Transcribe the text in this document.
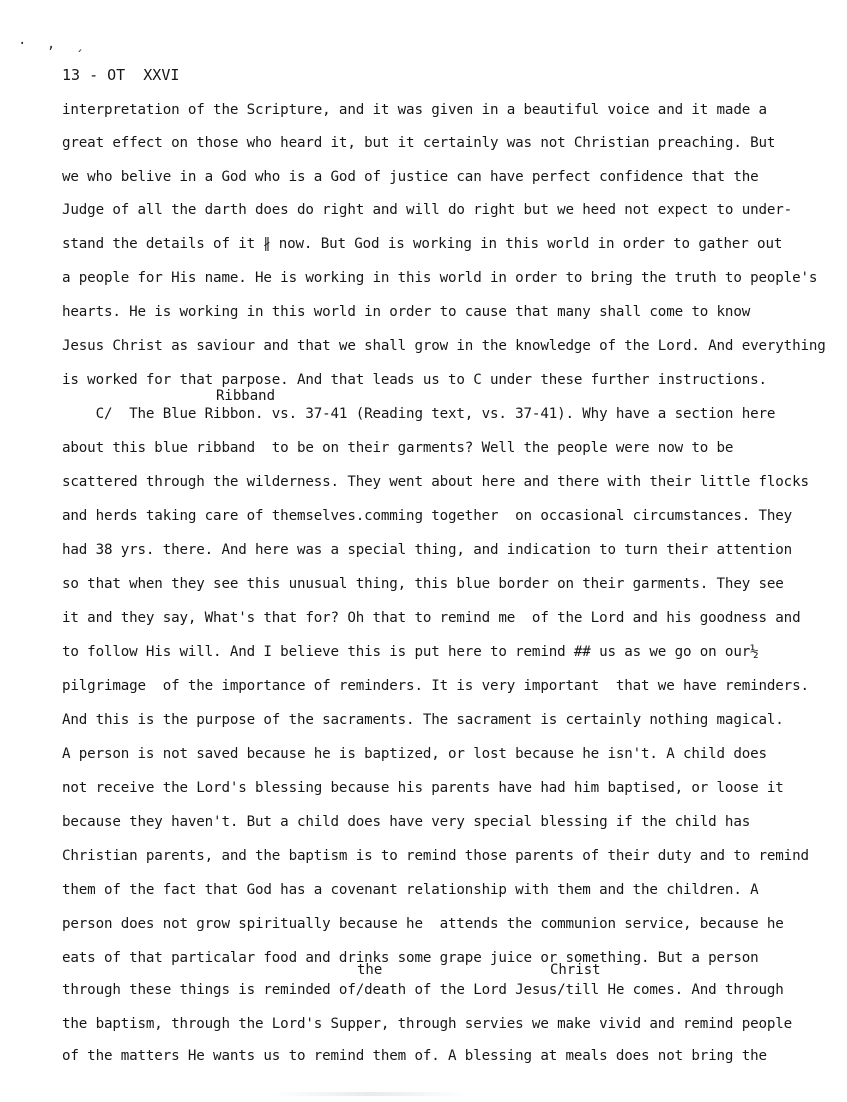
· , ˏ
13 - OT  XXVI
Ribband
the	Christ
interpretation of the Scripture, and it was given in a beautiful voice and it made a
great effect on those who heard it, but it certainly was not Christian preaching. But
we who belive in a God who is a God of justice can have perfect confidence that the
Judge of all the darth does do right and will do right but we heed not expect to under-
stand the details of it ∦ now. But God is working in this world in order to gather out
a people for His name. He is working in this world in order to bring the truth to people's
hearts. He is working in this world in order to cause that many shall come to know
Jesus Christ as saviour and that we shall grow in the knowledge of the Lord. And everything
is worked for that parpose. And that leads us to C under these further instructions.
C/  The Blue Ribbon. vs. 37-41 (Reading text, vs. 37-41). Why have a section here
about this blue ribband  to be on their garments? Well the people were now to be
scattered through the wilderness. They went about here and there with their little flocks
and herds taking care of themselves.comming together  on occasional circumstances. They
had 38 yrs. there. And here was a special thing, and indication to turn their attention
so that when they see this unusual thing, this blue border on their garments. They see
it and they say, What's that for? Oh that to remind me  of the Lord and his goodness and
to follow His will. And I believe this is put here to remind ## us as we go on our½
pilgrimage  of the importance of reminders. It is very important  that we have reminders.
And this is the purpose of the sacraments. The sacrament is certainly nothing magical.
A person is not saved because he is baptized, or lost because he isn't. A child does
not receive the Lord's blessing because his parents have had him baptised, or loose it
because they haven't. But a child does have very special blessing if the child has
Christian parents, and the baptism is to remind those parents of their duty and to remind
them of the fact that God has a covenant relationship with them and the children. A
person does not grow spiritually because he  attends the communion service, because he
eats of that particalar food and drinks some grape juice or something. But a person
through these things is reminded of/death of the Lord Jesus/till He comes. And through
the baptism, through the Lord's Supper, through servies we make vivid and remind people
of the matters He wants us to remind them of. A blessing at meals does not bring the
